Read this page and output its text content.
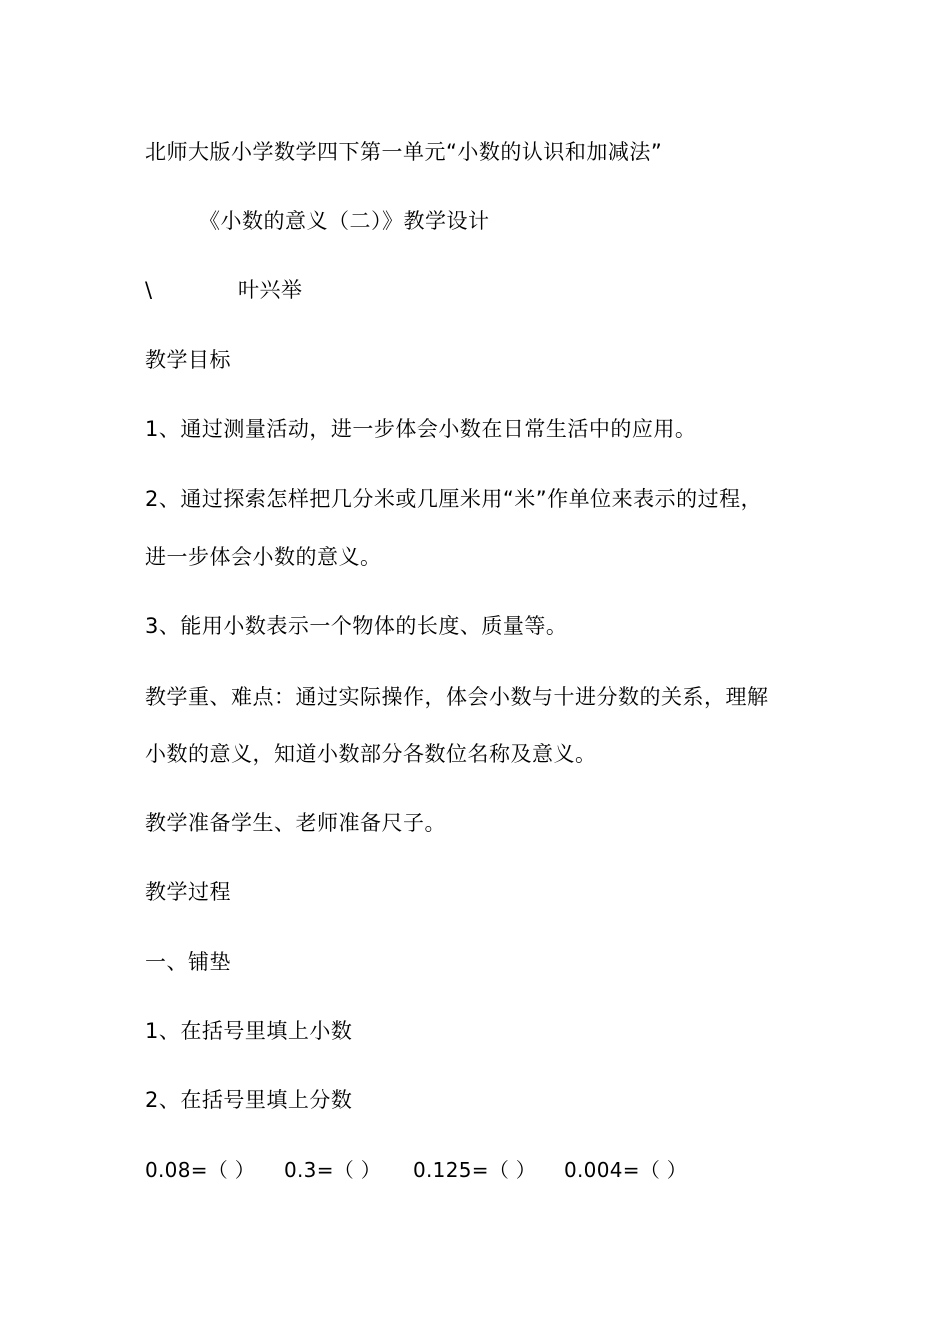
北师大版小学数学四下第一单元“小数的认识和加减法”
《小数的意义（二）》教学设计
\	叶兴举
教学目标
1、通过测量活动，进一步体会小数在日常生活中的应用。
2、通过探索怎样把几分米或几厘米用“米”作单位来表示的过程，
进一步体会小数的意义。
3、能用小数表示一个物体的长度、质量等。
教学重、难点：通过实际操作，体会小数与十进分数的关系，理解
小数的意义，知道小数部分各数位名称及意义。
教学准备学生、老师准备尺子。
教学过程
一、铺垫
1、在括号里填上小数
2、在括号里填上分数
0.08=（ ） 0.3=（ ） 0.125=（ ） 0.004=（ ）
